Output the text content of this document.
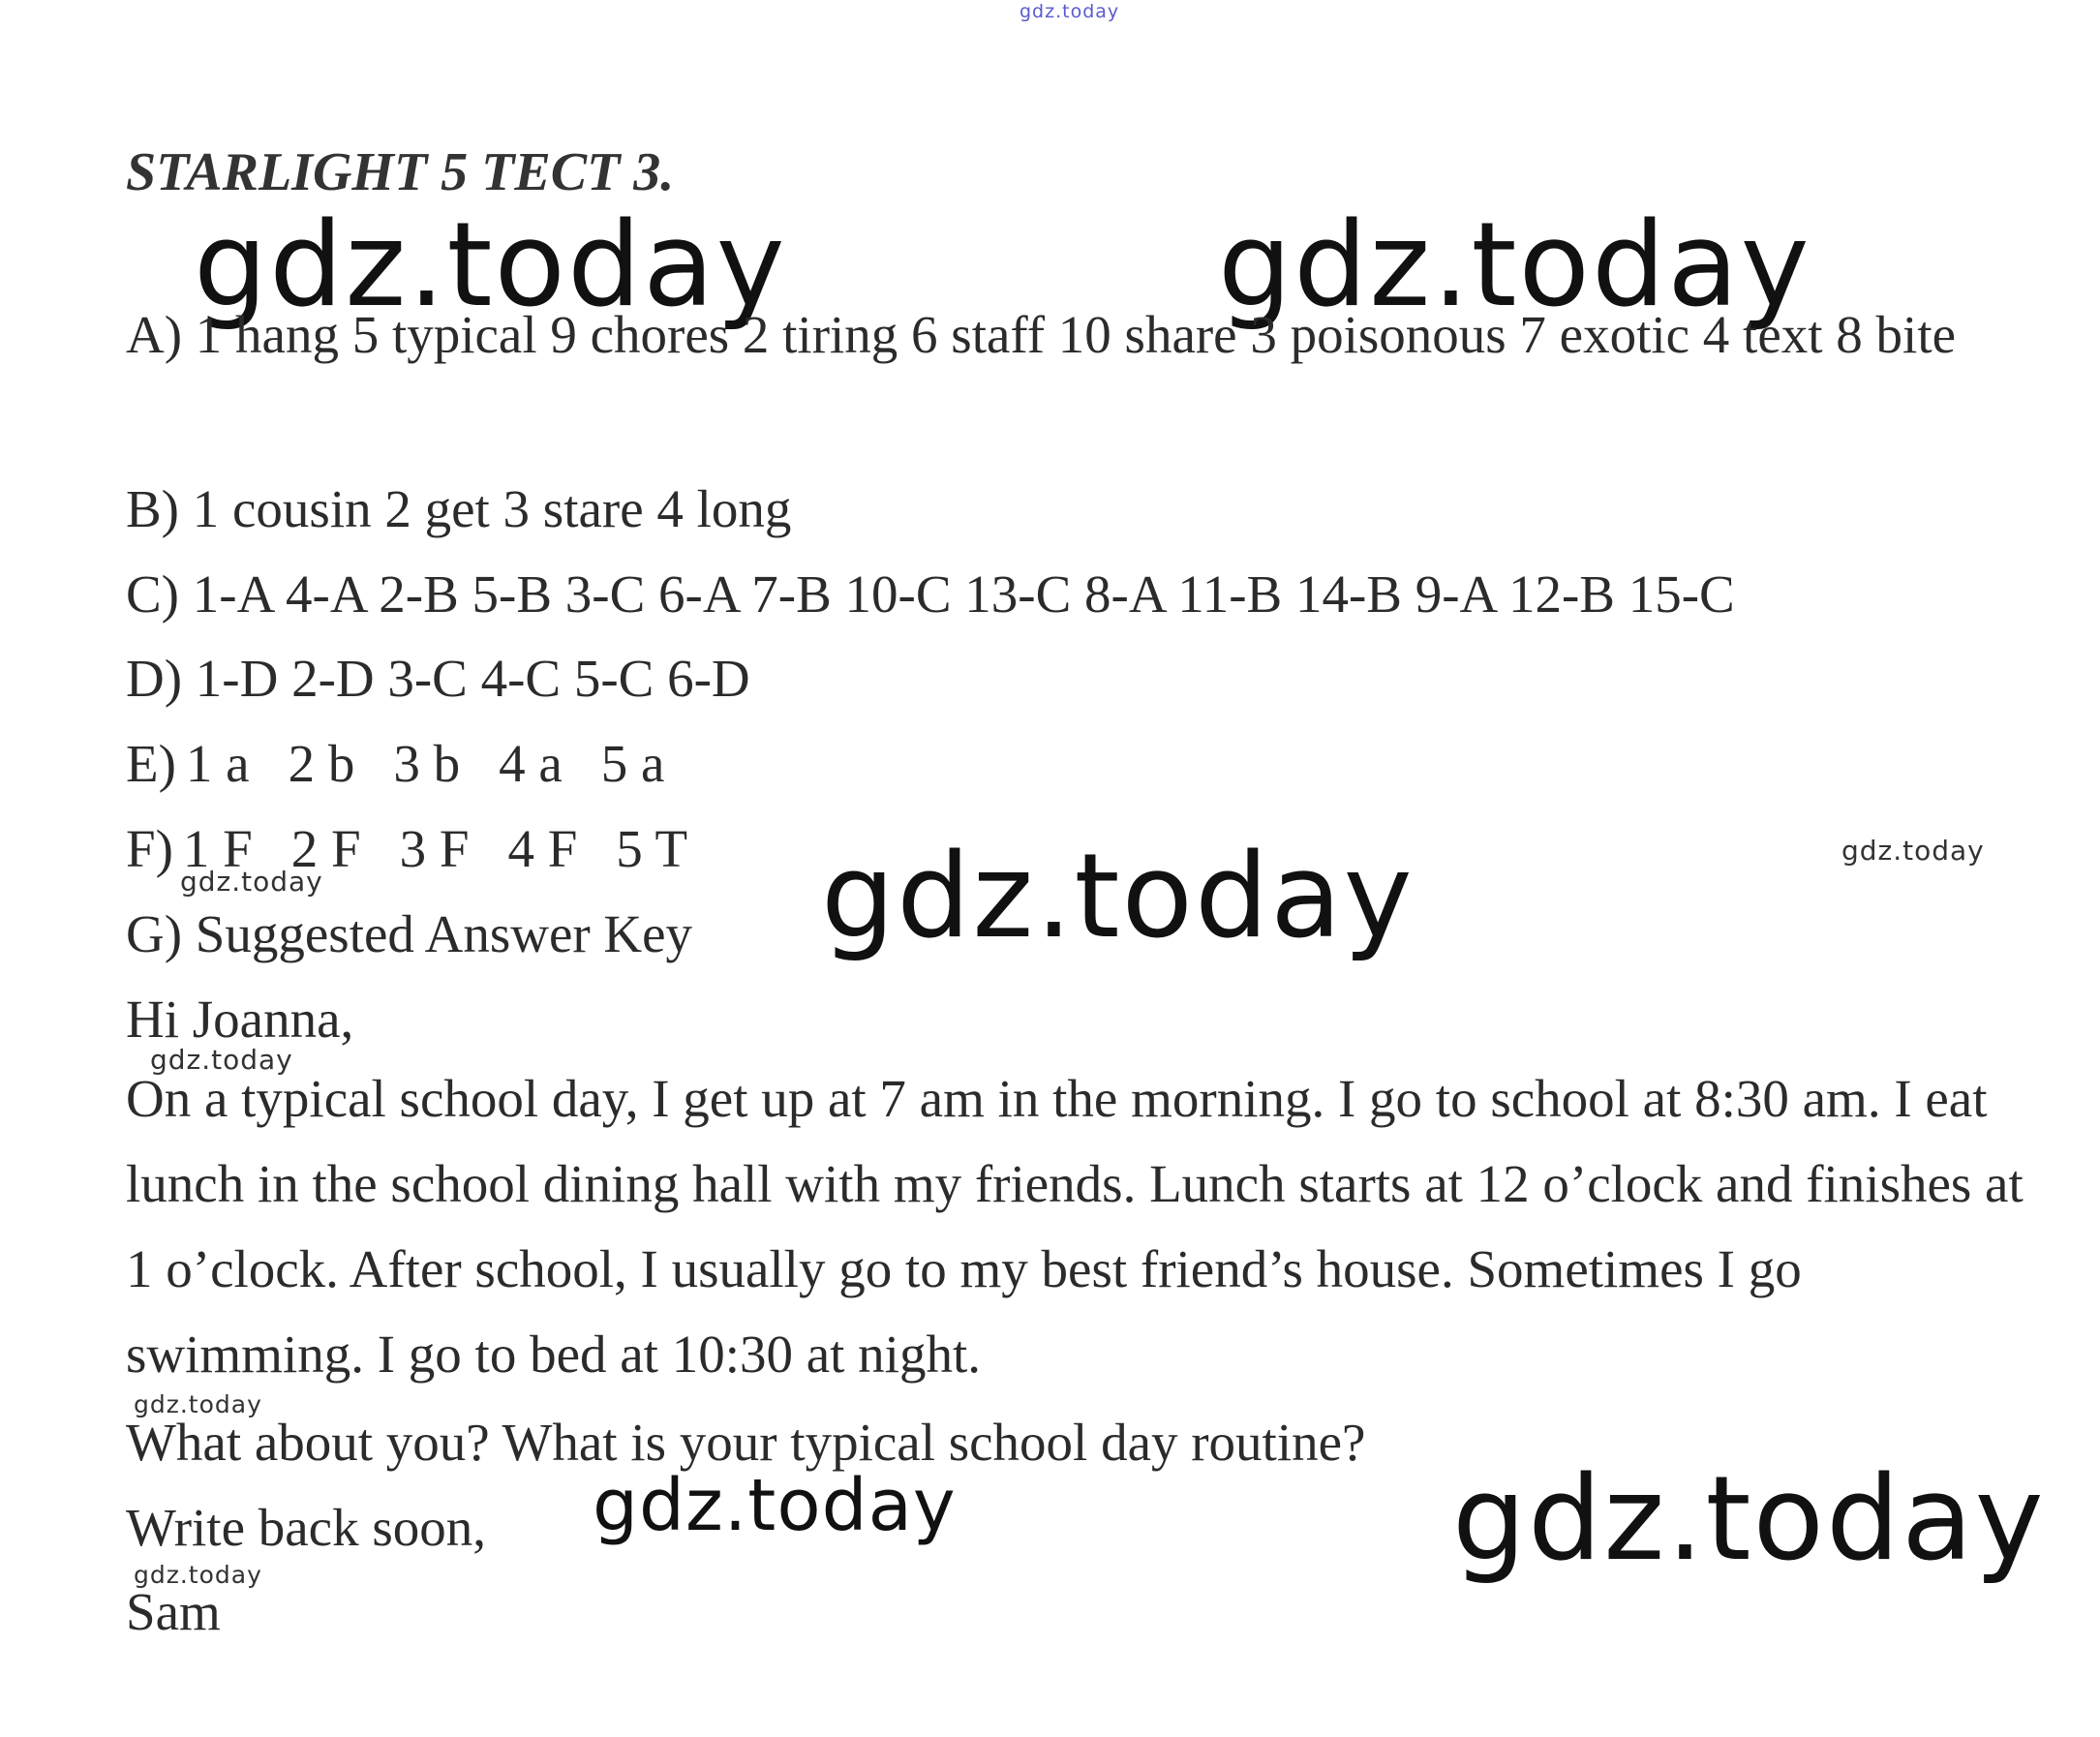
gdz.today
STARLIGHT 5 TECT 3.
gdz.today	gdz.today
A) 1 hang 5 typical 9 chores 2 tiring 6 staff 10 share 3 poisonous 7 exotic 4 text 8 bite
B) 1 cousin 2 get 3 stare 4 long
C) 1-A 4-A 2-B 5-B 3-C 6-A 7-B 10-C 13-C 8-A 11-B 14-B 9-A 12-B 15-C
D) 1-D 2-D 3-C 4-C 5-C 6-D
E) 1 a 2 b 3 b 4 a 5 a
F) 1 F 2 F 3 F 4 F 5 T	gdz.today
gdz.today	gdz.today
G) Suggested Answer Key
Hi Joanna,
gdz.today
On a typical school day, I get up at 7 am in the morning. I go to school at 8:30 am. I eat lunch in the school dining hall with my friends. Lunch starts at 12 o’clock and finishes at 1 o’clock. After school, I usually go to my best friend’s house. Sometimes I go swimming. I go to bed at 10:30 at night.
gdz.today
What about you? What is your typical school day routine?
Write back soon, gdz.today	gdz.today
gdz.today
Sam
